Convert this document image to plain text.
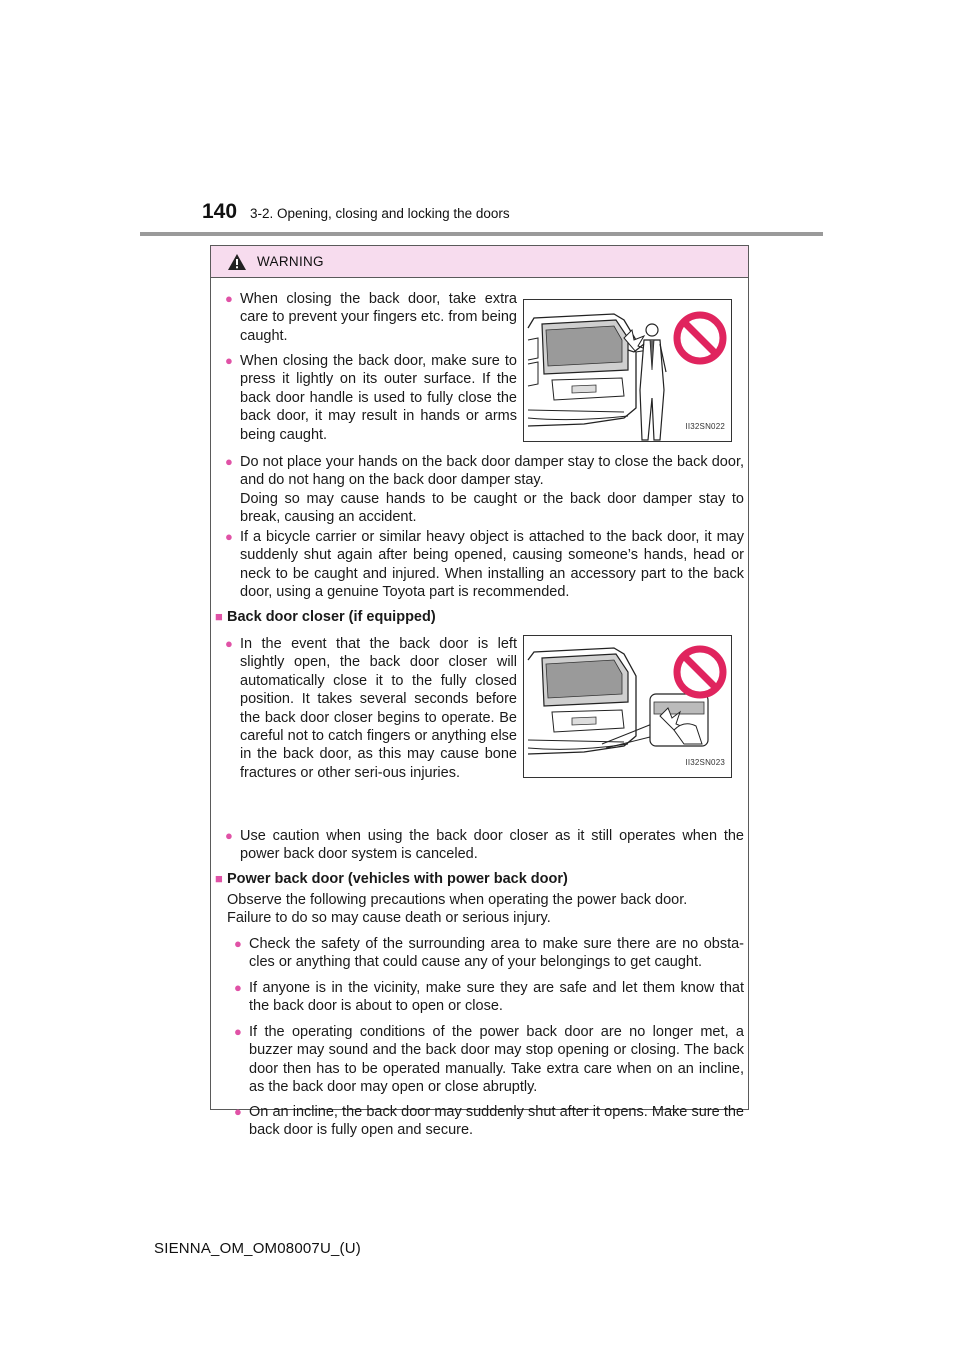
140 3-2. Opening, closing and locking the doors
WARNING
● When closing the back door, take extra care to prevent your fingers etc. from being caught.
● When closing the back door, make sure to press it lightly on its outer surface. If the back door handle is used to fully close the back door, it may result in hands or arms being caught.
II32SN022
● Do not place your hands on the back door damper stay to close the back door, and do not hang on the back door damper stay.
Doing so may cause hands to be caught or the back door damper stay to break, causing an accident.
● If a bicycle carrier or similar heavy object is attached to the back door, it may suddenly shut again after being opened, causing someone’s hands, head or neck to be caught and injured. When installing an accessory part to the back door, using a genuine Toyota part is recommended.
■ Back door closer (if equipped)
● In the event that the back door is left slightly open, the back door closer will automatically close it to the fully closed position. It takes several seconds before the back door closer begins to operate. Be careful not to catch fingers or anything else in the back door, as this may cause bone fractures or other seri-ous injuries.
II32SN023
● Use caution when using the back door closer as it still operates when the power back door system is canceled.
■ Power back door (vehicles with power back door)
Observe the following precautions when operating the power back door.
Failure to do so may cause death or serious injury.
● Check the safety of the surrounding area to make sure there are no obsta-cles or anything that could cause any of your belongings to get caught.
● If anyone is in the vicinity, make sure they are safe and let them know that the back door is about to open or close.
● If the operating conditions of the power back door are no longer met, a buzzer may sound and the back door may stop opening or closing. The back door then has to be operated manually. Take extra care when on an incline, as the back door may open or close abruptly.
● On an incline, the back door may suddenly shut after it opens. Make sure the back door is fully open and secure.
SIENNA_OM_OM08007U_(U)
